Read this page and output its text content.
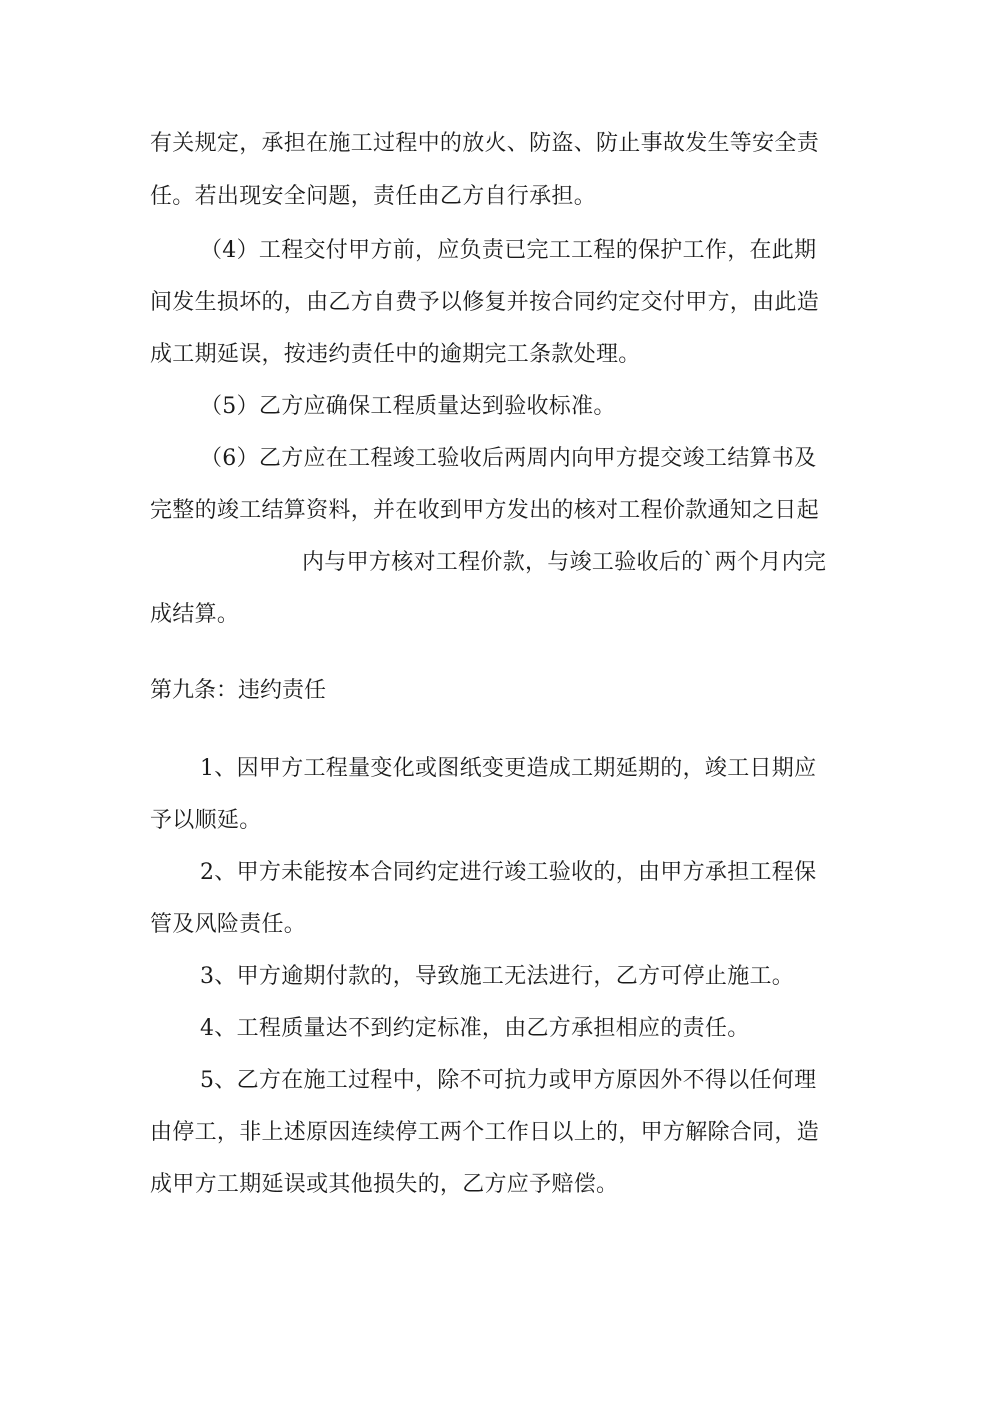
有关规定，承担在施工过程中的放火、防盗、防止事故发生等安全责
任。若出现安全问题，责任由乙方自行承担。
（4）工程交付甲方前，应负责已完工工程的保护工作，在此期
间发生损坏的，由乙方自费予以修复并按合同约定交付甲方，由此造
成工期延误，按违约责任中的逾期完工条款处理。
（5）乙方应确保工程质量达到验收标准。
（6）乙方应在工程竣工验收后两周内向甲方提交竣工结算书及
完整的竣工结算资料，并在收到甲方发出的核对工程价款通知之日起
内与甲方核对工程价款，与竣工验收后的`两个月内完
成结算。
第九条：违约责任
1、因甲方工程量变化或图纸变更造成工期延期的，竣工日期应
予以顺延。
2、甲方未能按本合同约定进行竣工验收的，由甲方承担工程保
管及风险责任。
3、甲方逾期付款的，导致施工无法进行，乙方可停止施工。
4、工程质量达不到约定标准，由乙方承担相应的责任。
5、乙方在施工过程中，除不可抗力或甲方原因外不得以任何理
由停工，非上述原因连续停工两个工作日以上的，甲方解除合同，造
成甲方工期延误或其他损失的，乙方应予赔偿。
